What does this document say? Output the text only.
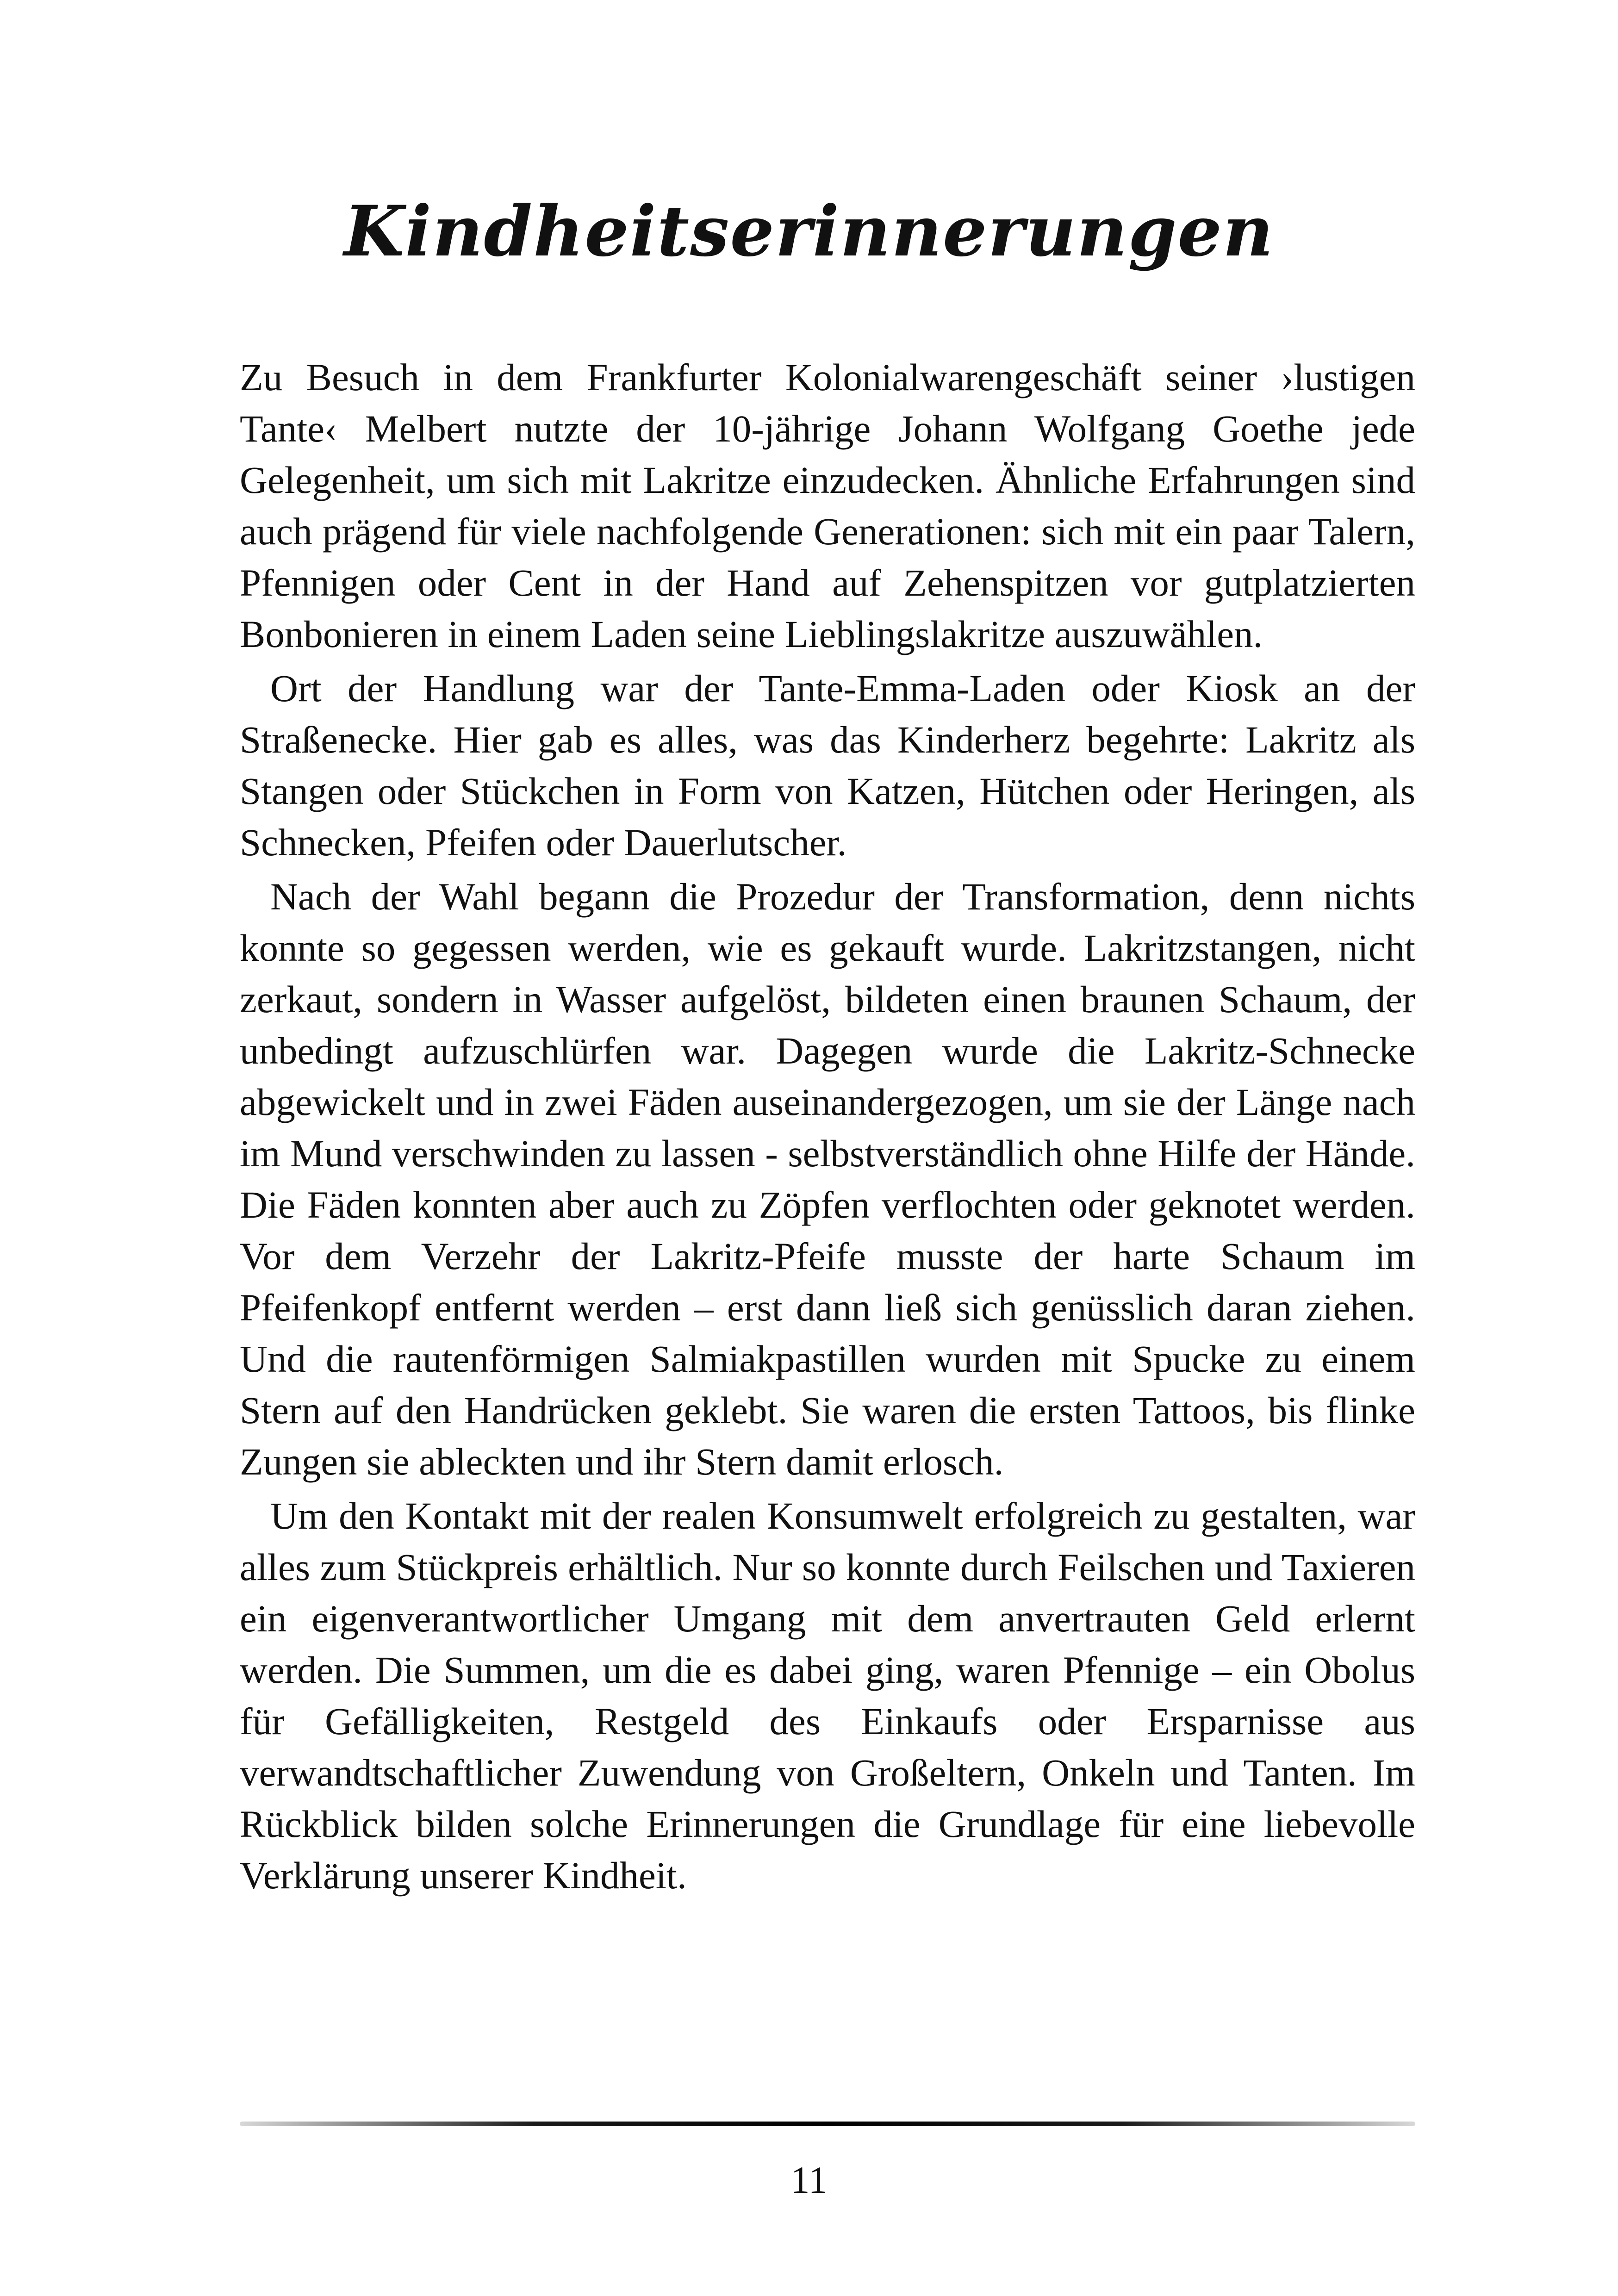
Kindheitserinnerungen

Zu Besuch in dem Frankfurter Kolonialwarengeschäft seiner ›lustigen Tante‹ Melbert nutzte der 10-jährige Johann Wolfgang Goethe jede Gelegenheit, um sich mit Lakritze einzudecken. Ähnliche Erfahrungen sind auch prägend für viele nachfolgende Generationen: sich mit ein paar Talern, Pfennigen oder Cent in der Hand auf Zehenspitzen vor gutplatzierten Bonbonieren in einem Laden seine Lieblingslakritze auszuwählen.

Ort der Handlung war der Tante-Emma-Laden oder Kiosk an der Straßenecke. Hier gab es alles, was das Kinderherz begehrte: Lakritz als Stangen oder Stückchen in Form von Katzen, Hütchen oder Heringen, als Schnecken, Pfeifen oder Dauerlutscher.

Nach der Wahl begann die Prozedur der Transformation, denn nichts konnte so gegessen werden, wie es gekauft wurde. Lakritzstangen, nicht zerkaut, sondern in Wasser aufgelöst, bildeten einen braunen Schaum, der unbedingt aufzuschlürfen war. Dagegen wurde die Lakritz-Schnecke abgewickelt und in zwei Fäden auseinandergezogen, um sie der Länge nach im Mund verschwinden zu lassen - selbstverständlich ohne Hilfe der Hände. Die Fäden konnten aber auch zu Zöpfen verflochten oder geknotet werden. Vor dem Verzehr der Lakritz-Pfeife musste der harte Schaum im Pfeifenkopf entfernt werden – erst dann ließ sich genüsslich daran ziehen. Und die rautenförmigen Salmiakpastillen wurden mit Spucke zu einem Stern auf den Handrücken geklebt. Sie waren die ersten Tattoos, bis flinke Zungen sie ableckten und ihr Stern damit erlosch.

Um den Kontakt mit der realen Konsumwelt erfolgreich zu gestalten, war alles zum Stückpreis erhältlich. Nur so konnte durch Feilschen und Taxieren ein eigenverantwortlicher Umgang mit dem anvertrauten Geld erlernt werden. Die Summen, um die es dabei ging, waren Pfennige – ein Obolus für Gefälligkeiten, Restgeld des Einkaufs oder Ersparnisse aus verwandtschaftlicher Zuwendung von Großeltern, Onkeln und Tanten. Im Rückblick bilden solche Erinnerungen die Grundlage für eine liebevolle Verklärung unserer Kindheit.

11
